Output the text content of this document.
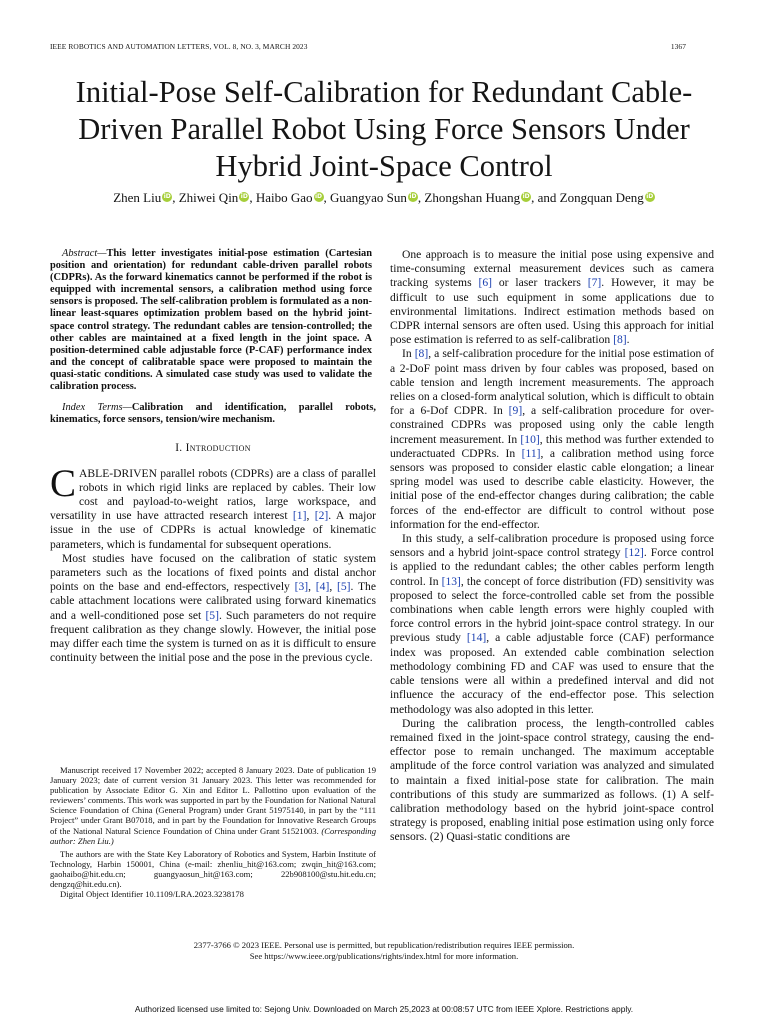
IEEE ROBOTICS AND AUTOMATION LETTERS, VOL. 8, NO. 3, MARCH 2023	1367
Initial-Pose Self-Calibration for Redundant Cable-Driven Parallel Robot Using Force Sensors Under Hybrid Joint-Space Control
Zhen Liu iD, Zhiwei Qin iD, Haibo Gao iD, Guangyao Sun iD, Zhongshan Huang iD, and Zongquan Deng iD

Abstract—This letter investigates initial-pose estimation (Cartesian position and orientation) for redundant cable-driven parallel robots (CDPRs). As the forward kinematics cannot be performed if the robot is equipped with incremental sensors, a calibration method using force sensors is proposed. The self-calibration problem is formulated as a non-linear least-squares optimization problem based on the hybrid joint-space control strategy. The redundant cables are tension-controlled; the other cables are maintained at a fixed length in the joint space. A position-determined cable adjustable force (P-CAF) performance index and the concept of calibratable space were proposed to maintain the quasi-static conditions. A simulated case study was used to validate the calibration process.

Index Terms—Calibration and identification, parallel robots, kinematics, force sensors, tension/wire mechanism.

I. Introduction

CABLE-DRIVEN parallel robots (CDPRs) are a class of parallel robots in which rigid links are replaced by cables. Their low cost and payload-to-weight ratios, large workspace, and versatility in use have attracted research interest [1], [2]. A major issue in the use of CDPRs is actual knowledge of kinematic parameters, which is fundamental for subsequent operations.

Most studies have focused on the calibration of static system parameters such as the locations of fixed points and distal anchor points on the base and end-effectors, respectively [3], [4], [5]. The cable attachment locations were calibrated using forward kinematics and a well-conditioned pose set [5]. Such parameters do not require frequent calibration as they change slowly. However, the initial pose may differ each time the system is turned on as it is difficult to ensure continuity between the initial pose and the pose in the previous cycle.

Manuscript received 17 November 2022; accepted 8 January 2023. Date of publication 19 January 2023; date of current version 31 January 2023. This letter was recommended for publication by Associate Editor G. Xin and Editor L. Pallottino upon evaluation of the reviewers’ comments. This work was supported in part by the Foundation for National Natural Science Foundation of China (General Program) under Grant 51975140, in part by the “111 Project” under Grant B07018, and in part by the Foundation for Innovative Research Groups of the National Natural Science Foundation of China under Grant 51521003. (Corresponding author: Zhen Liu.)

The authors are with the State Key Laboratory of Robotics and System, Harbin Institute of Technology, Harbin 150001, China (e-mail: zhenliu_hit@163.com; zwqin_hit@163.com; gaohaibo@hit.edu.cn; guangyaosun_hit@163.com; 22b908100@stu.hit.edu.cn; dengzq@hit.edu.cn).

Digital Object Identifier 10.1109/LRA.2023.3238178

One approach is to measure the initial pose using expensive and time-consuming external measurement devices such as camera tracking systems [6] or laser trackers [7]. However, it may be difficult to use such equipment in some applications due to environmental limitations. Indirect estimation methods based on CDPR internal sensors are often used. Using this approach for initial pose estimation is referred to as self-calibration [8].

In [8], a self-calibration procedure for the initial pose estimation of a 2-DoF point mass driven by four cables was proposed, based on cable tension and length increment measurements. The approach relies on a closed-form analytical solution, which is difficult to obtain for a 6-Dof CDPR. In [9], a self-calibration procedure for over-constrained CDPRs was proposed using only the cable length increment measurement. In [10], this method was further extended to underactuated CDPRs. In [11], a calibration method using force sensors was proposed to consider elastic cable elongation; a linear spring model was used to describe cable elasticity. However, the initial pose of the end-effector changes during calibration; the cable forces of the end-effector are difficult to control without pose information for the end-effector.

In this study, a self-calibration procedure is proposed using force sensors and a hybrid joint-space control strategy [12]. Force control is applied to the redundant cables; the other cables perform length control. In [13], the concept of force distribution (FD) sensitivity was proposed to select the force-controlled cable set from the possible combinations when cable length errors were highly coupled with force control errors in the hybrid joint-space control strategy. In our previous study [14], a cable adjustable force (CAF) performance index was proposed. An extended cable combination selection methodology combining FD and CAF was used to ensure that the cable tensions were all within a predefined interval and did not influence the accuracy of the end-effector pose. This selection methodology was also adopted in this letter.

During the calibration process, the length-controlled cables remained fixed in the joint-space control strategy, causing the end-effector pose to remain unchanged. The maximum acceptable amplitude of the force control variation was analyzed and simulated to maintain a fixed initial-pose state for calibration. The main contributions of this study are summarized as follows. (1) A self-calibration methodology based on the hybrid joint-space control strategy is proposed, enabling initial pose estimation using only force sensors. (2) Quasi-static conditions are

2377-3766 © 2023 IEEE. Personal use is permitted, but republication/redistribution requires IEEE permission.
See https://www.ieee.org/publications/rights/index.html for more information.
Authorized licensed use limited to: Sejong Univ. Downloaded on March 25,2023 at 00:08:57 UTC from IEEE Xplore. Restrictions apply.
